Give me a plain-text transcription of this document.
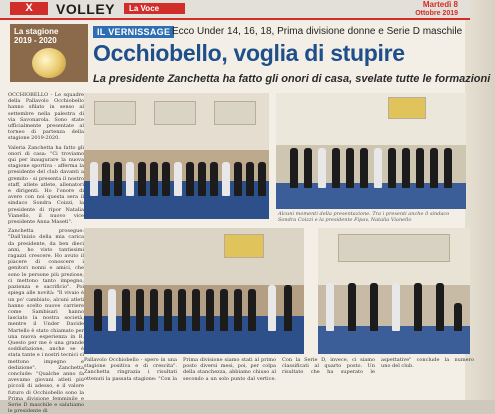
X	VOLLEY	La Voce	Martedì 8
Ottobre 2019
La stagione
2019 - 2020
IL VERNISSAGE Ecco Under 14, 16, 18, Prima divisione donne e Serie D maschile
Occhiobello, voglia di stupire
La presidente Zanchetta ha fatto gli onori di casa, svelate tutte le formazioni

OCCHIOBELLO - Le squadre della Pallavolo Occhiobello hanno sfilato in senso al settembre nella palestra di via Savonarola. Sono state ufficialmente presentate al torneo di partenza della stagione 2019-2020.

Valeria Zanchetta ha fatto gli onori di casa: "Ci troviamo qui per inaugurare la nuova stagione sportiva - afferma la presidente del club davanti a gremito - si presenta il nostro staff, atlete atlete, allenatori e dirigenti. Ho l'onore di avere con noi questa sera il sindaco Sondra Coizzi, la presidente di ripor Natalia Vianello, il nuovo vice presidente Anna Maseti".

Zanchetta prosegue: "Dall'inizio della mia carica da presidente, da ben dieci anni, ho visto tantissimi ragazzi crescere. Ho avuto il piacere di conoscere i genitori nonni e amici, che sono le persone più preziose, ci mettono tanto impegno, pazienza e sacrificio". Poi spiega alle novità: "Il vivaio è un po' cambiato, alcuni atleti hanno scelto nuove carriere come Sambisari hanno lasciato la nostra società, mentre il Under Davide Martello è stato chiamato per una nuova esperienza in B. Questo per me è una grande soddisfazione, anche se è stata tante e i nostri tecnici ci mettono impegno e dedizione". Zanchetta conclude: "Qualche anno fa avevamo giovani atleti più piccoli di adesso, e il valore futuro di Occhiobello sono la Prima divisione femminile e Serie D maschile e salutiamo le presidente di

Alcuni momenti della presentazione. Tra i presenti anche il sindaco Sondra Coizzi e la presidente Fipav, Natalia Vianello
Pallavolo Occhiobello - spero in una stagione positiva e di crescita". Zanchetta ringrazia i risultati ottenuti la passata stagione: "Con la Prima divisione siamo stati al primo posto diversi mesi, poi, per colpa della stanchezza, abbiamo chiuso al secondo a un solo punto dal vertice. Con la Serie D, invece, ci siamo classificati al quarto posto. Un risultato che ha superato le aspettative" conclude la numero uno del club.
